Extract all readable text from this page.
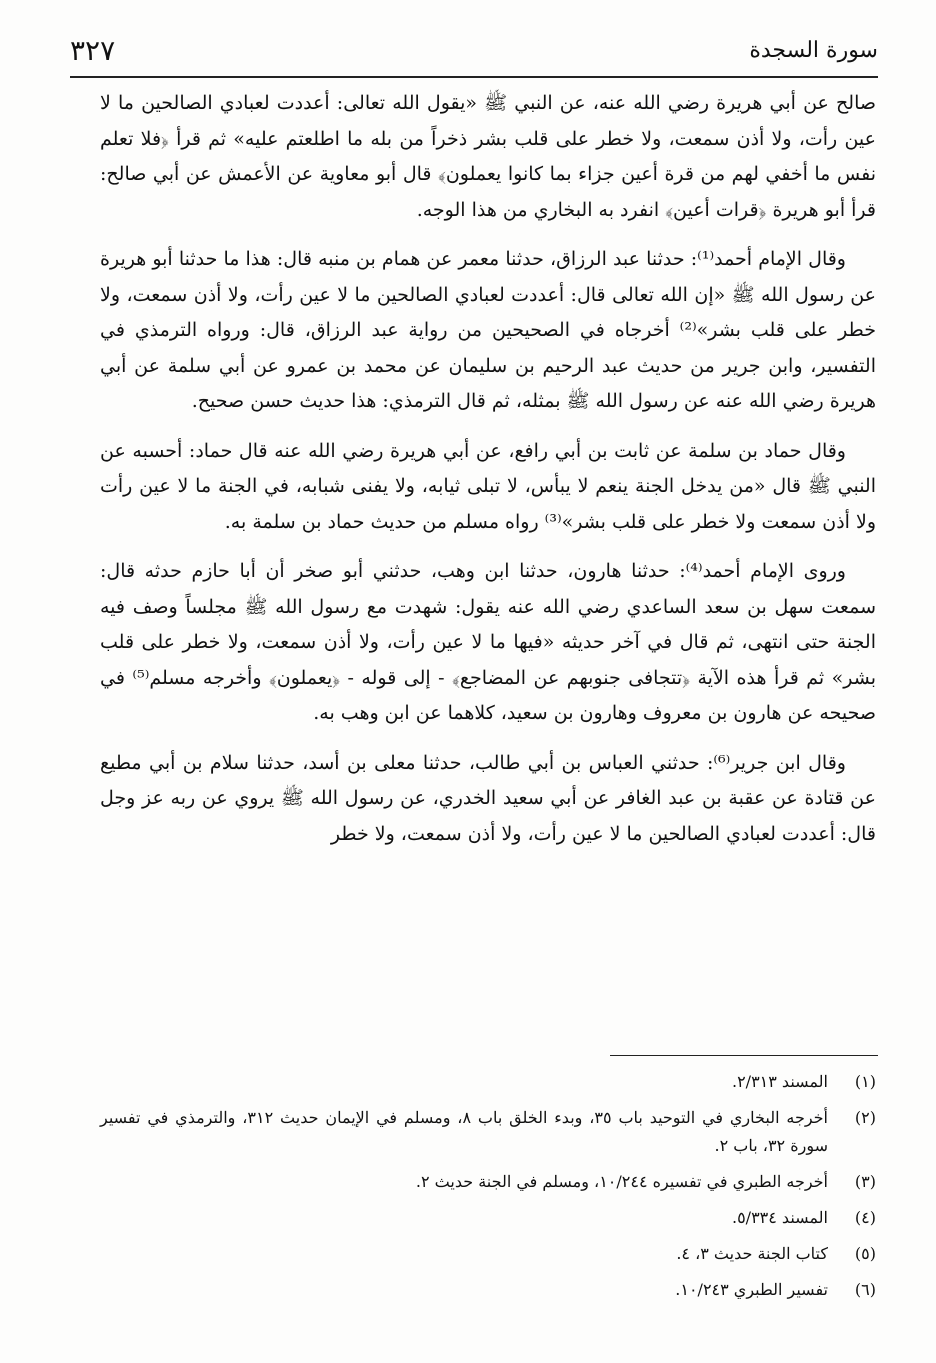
٣٢٧	سورة السجدة

صالح عن أبي هريرة رضي الله عنه، عن النبي ﷺ «يقول الله تعالى: أعددت لعبادي الصالحين ما لا عين رأت، ولا أذن سمعت، ولا خطر على قلب بشر ذخراً من بله ما اطلعتم عليه» ثم قرأ ﴿فلا تعلم نفس ما أخفي لهم من قرة أعين جزاء بما كانوا يعملون﴾ قال أبو معاوية عن الأعمش عن أبي صالح: قرأ أبو هريرة ﴿قرات أعين﴾ انفرد به البخاري من هذا الوجه.

وقال الإمام أحمد⁽¹⁾: حدثنا عبد الرزاق، حدثنا معمر عن همام بن منبه قال: هذا ما حدثنا أبو هريرة عن رسول الله ﷺ «إن الله تعالى قال: أعددت لعبادي الصالحين ما لا عين رأت، ولا أذن سمعت، ولا خطر على قلب بشر»⁽²⁾ أخرجاه في الصحيحين من رواية عبد الرزاق، قال: ورواه الترمذي في التفسير، وابن جرير من حديث عبد الرحيم بن سليمان عن محمد بن عمرو عن أبي سلمة عن أبي هريرة رضي الله عنه عن رسول الله ﷺ بمثله، ثم قال الترمذي: هذا حديث حسن صحيح.

وقال حماد بن سلمة عن ثابت بن أبي رافع، عن أبي هريرة رضي الله عنه قال حماد: أحسبه عن النبي ﷺ قال «من يدخل الجنة ينعم لا يبأس، لا تبلى ثيابه، ولا يفنى شبابه، في الجنة ما لا عين رأت ولا أذن سمعت ولا خطر على قلب بشر»⁽³⁾ رواه مسلم من حديث حماد بن سلمة به.

وروى الإمام أحمد⁽⁴⁾: حدثنا هارون، حدثنا ابن وهب، حدثني أبو صخر أن أبا حازم حدثه قال: سمعت سهل بن سعد الساعدي رضي الله عنه يقول: شهدت مع رسول الله ﷺ مجلساً وصف فيه الجنة حتى انتهى، ثم قال في آخر حديثه «فيها ما لا عين رأت، ولا أذن سمعت، ولا خطر على قلب بشر» ثم قرأ هذه الآية ﴿تتجافى جنوبهم عن المضاجع﴾ - إلى قوله - ﴿يعملون﴾ وأخرجه مسلم⁽⁵⁾ في صحيحه عن هارون بن معروف وهارون بن سعيد، كلاهما عن ابن وهب به.

وقال ابن جرير⁽⁶⁾: حدثني العباس بن أبي طالب، حدثنا معلى بن أسد، حدثنا سلام بن أبي مطيع عن قتادة عن عقبة بن عبد الغافر عن أبي سعيد الخدري، عن رسول الله ﷺ يروي عن ربه عز وجل قال: أعددت لعبادي الصالحين ما لا عين رأت، ولا أذن سمعت، ولا خطر

(١)
المسند ٢/٣١٣.
(٢)
أخرجه البخاري في التوحيد باب ٣٥، وبدء الخلق باب ٨، ومسلم في الإيمان حديث ٣١٢، والترمذي في تفسير سورة ٣٢، باب ٢.
(٣)
أخرجه الطبري في تفسيره ١٠/٢٤٤، ومسلم في الجنة حديث ٢.
(٤)
المسند ٥/٣٣٤.
(٥)
كتاب الجنة حديث ٣، ٤.
(٦)
تفسير الطبري ١٠/٢٤٣.
